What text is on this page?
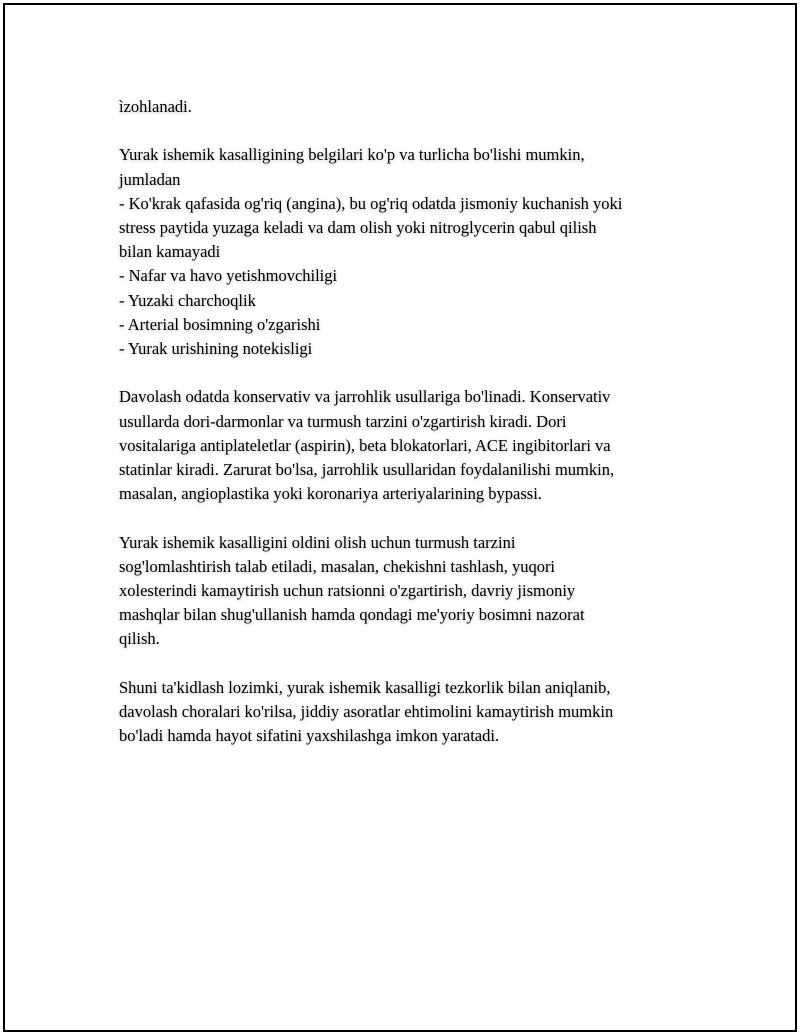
ìzohlanadi.
Yurak ishemik kasalligining belgilari ko'p va turlicha bo'lishi mumkin,
jumladan
- Ko'krak qafasida og'riq (angina), bu og'riq odatda jismoniy kuchanish yoki
stress paytida yuzaga keladi va dam olish yoki nitroglycerin qabul qilish
bilan kamayadi
- Nafar va havo yetishmovchiligi
- Yuzaki charchoqlik
- Arterial bosimning o'zgarishi
- Yurak urishining notekisligi
Davolash odatda konservativ va jarrohlik usullariga bo'linadi. Konservativ
usullarda dori-darmonlar va turmush tarzini o'zgartirish kiradi. Dori
vositalariga antiplateletlar (aspirin), beta blokatorlari, ACE ingibitorlari va
statinlar kiradi. Zarurat bo'lsa, jarrohlik usullaridan foydalanilishi mumkin,
masalan, angioplastika yoki koronariya arteriyalarining bypassi.
Yurak ishemik kasalligini oldini olish uchun turmush tarzini
sog'lomlashtirish talab etiladi, masalan, chekishni tashlash, yuqori
xolesterindi kamaytirish uchun ratsionni o'zgartirish, davriy jismoniy
mashqlar bilan shug'ullanish hamda qondagi me'yoriy bosimni nazorat
qilish.
Shuni ta'kidlash lozimki, yurak ishemik kasalligi tezkorlik bilan aniqlanib,
davolash choralari ko'rilsa, jiddiy asoratlar ehtimolini kamaytirish mumkin
bo'ladi hamda hayot sifatini yaxshilashga imkon yaratadi.
